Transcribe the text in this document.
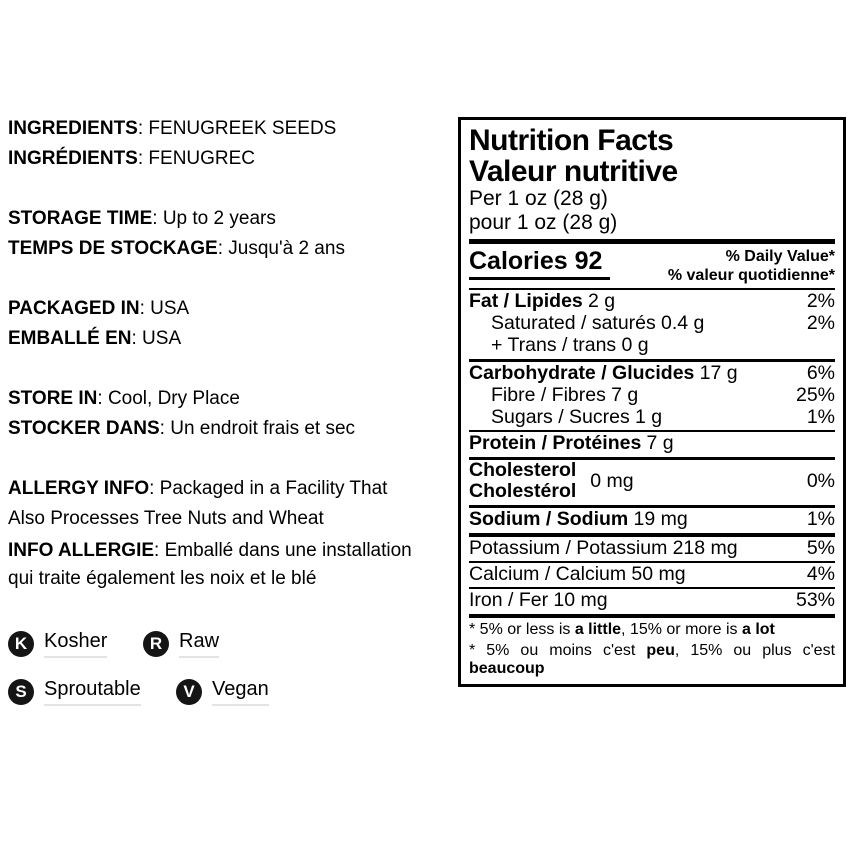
INGREDIENTS: FENUGREEK SEEDS
INGRÉDIENTS: FENUGREC
STORAGE TIME: Up to 2 years
TEMPS DE STOCKAGE: Jusqu'à 2 ans
PACKAGED IN: USA
EMBALLÉ EN: USA
STORE IN: Cool, Dry Place
STOCKER DANS: Un endroit frais et sec
ALLERGY INFO: Packaged in a Facility That
Also Processes Tree Nuts and Wheat
INFO ALLERGIE: Emballé dans une installation
qui traite également les noix et le blé
K Kosher	R Raw
S Sproutable	V Vegan
Nutrition Facts
Valeur nutritive
Per 1 oz (28 g)
pour 1 oz (28 g)
Calories 92	% Daily Value*
% valeur quotidienne*
Fat / Lipides 2 g	2%
Saturated / saturés 0.4 g	2%
+ Trans / trans 0 g
Carbohydrate / Glucides 17 g	6%
Fibre / Fibres 7 g	25%
Sugars / Sucres 1 g	1%
Protein / Protéines 7 g
Cholesterol
Cholestérol 0 mg	0%
Sodium / Sodium 19 mg	1%
Potassium / Potassium 218 mg	5%
Calcium / Calcium 50 mg	4%
Iron / Fer 10 mg	53%

* 5% or less is a little, 15% or more is a lot

* 5% ou moins c'est peu, 15% ou plus c'est beaucoup
